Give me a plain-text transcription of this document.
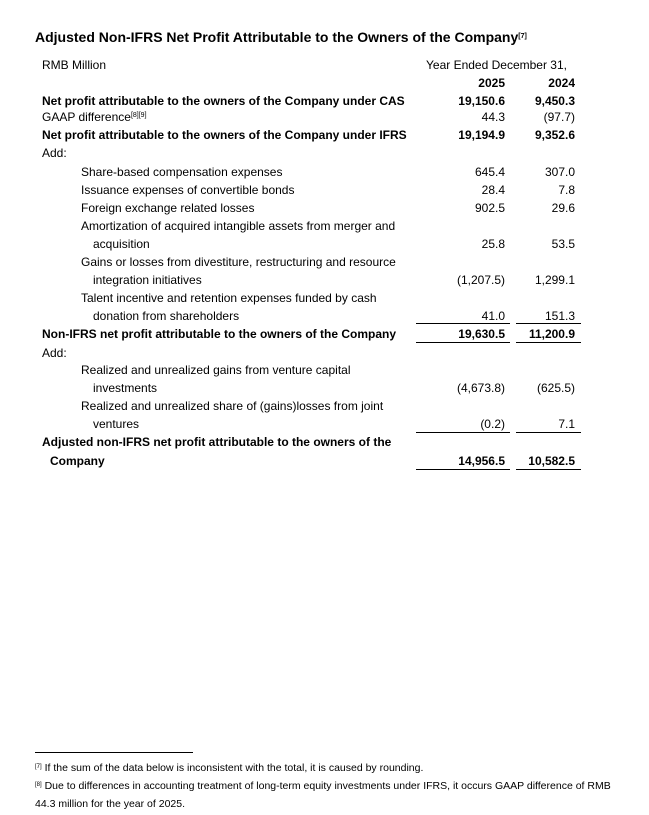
Adjusted Non-IFRS Net Profit Attributable to the Owners of the Company[7]
RMB Million	Year Ended December 31,
2025	2024
Net profit attributable to the owners of the Company under CAS	19,150.6 9,450.3
GAAP difference[8][9]	44.3	(97.7)
Net profit attributable to the owners of the Company under IFRS	19,194.9 9,352.6
Add:
Share-based compensation expenses	645.4	307.0
Issuance expenses of convertible bonds	28.4	7.8
Foreign exchange related losses	902.5	29.6
Amortization of acquired intangible assets from merger and
acquisition	25.8	53.5
Gains or losses from divestiture, restructuring and resource
integration initiatives	(1,207.5) 1,299.1
Talent incentive and retention expenses funded by cash
donation from shareholders	41.0	151.3
Non-IFRS net profit attributable to the owners of the Company	19,630.5 11,200.9
Add:
Realized and unrealized gains from venture capital
investments	(4,673.8)	(625.5)
Realized and unrealized share of (gains)losses from joint
ventures	(0.2)	7.1
Adjusted non-IFRS net profit attributable to the owners of the
Company	14,956.5 10,582.5
[7] If the sum of the data below is inconsistent with the total, it is caused by rounding.
[8] Due to differences in accounting treatment of long-term equity investments under IFRS, it occurs GAAP difference of RMB 44.3 million for the year of 2025.
